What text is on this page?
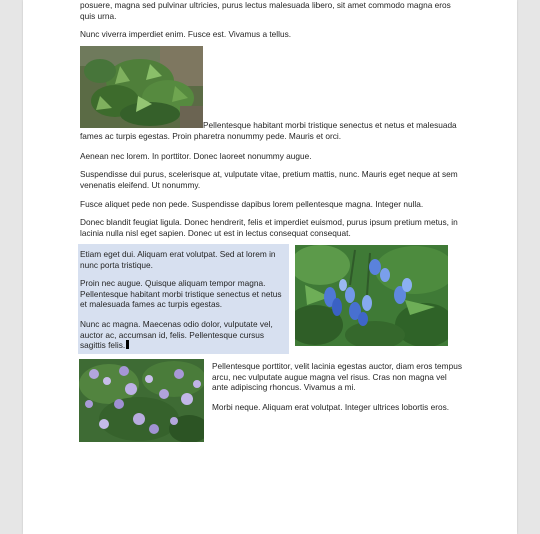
posuere, magna sed pulvinar ultricies, purus lectus malesuada libero, sit amet commodo magna eros quis urna.

Nunc viverra imperdiet enim. Fusce est. Vivamus a tellus.

Pellentesque habitant morbi tristique senectus et netus et malesuada fames ac turpis egestas. Proin pharetra nonummy pede. Mauris et orci.

Aenean nec lorem. In porttitor. Donec laoreet nonummy augue.

Suspendisse dui purus, scelerisque at, vulputate vitae, pretium mattis, nunc. Mauris eget neque at sem venenatis eleifend. Ut nonummy.

Fusce aliquet pede non pede. Suspendisse dapibus lorem pellentesque magna. Integer nulla.

Donec blandit feugiat ligula. Donec hendrerit, felis et imperdiet euismod, purus ipsum pretium metus, in lacinia nulla nisl eget sapien. Donec ut est in lectus consequat consequat.

Etiam eget dui. Aliquam erat volutpat. Sed at lorem in nunc porta tristique.

Proin nec augue. Quisque aliquam tempor magna. Pellentesque habitant morbi tristique senectus et netus et malesuada fames ac turpis egestas.

Nunc ac magna. Maecenas odio dolor, vulputate vel, auctor ac, accumsan id, felis. Pellentesque cursus sagittis felis.

Pellentesque porttitor, velit lacinia egestas auctor, diam eros tempus arcu, nec vulputate augue magna vel risus. Cras non magna vel ante adipiscing rhoncus. Vivamus a mi.

Morbi neque. Aliquam erat volutpat. Integer ultrices lobortis eros.
